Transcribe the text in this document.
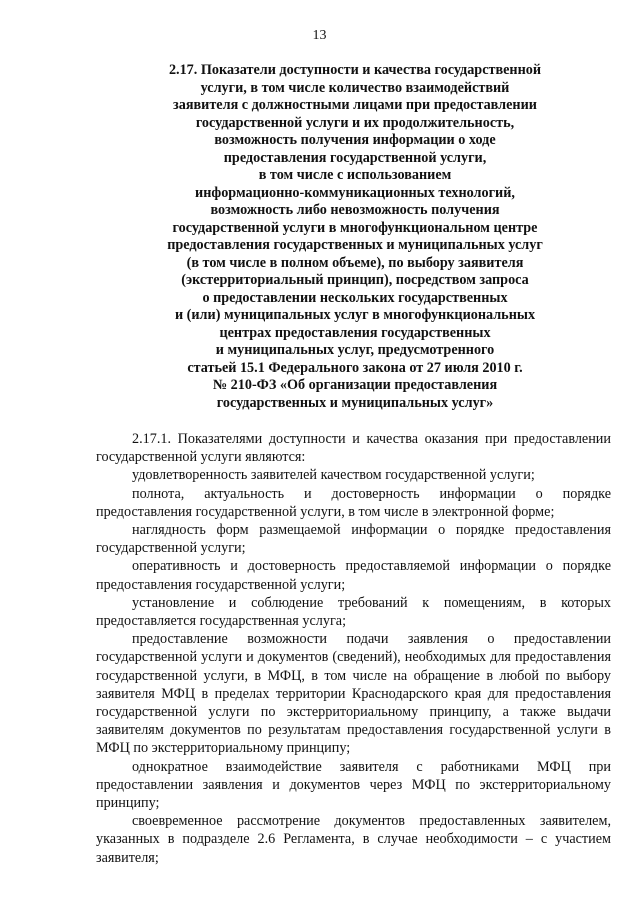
13
2.17. Показатели доступности и качества государственной
услуги, в том числе количество взаимодействий
заявителя с должностными лицами при предоставлении
государственной услуги и их продолжительность,
возможность получения информации о ходе
предоставления государственной услуги,
в том числе с использованием
информационно-коммуникационных технологий,
возможность либо невозможность получения
государственной услуги в многофункциональном центре
предоставления государственных и муниципальных услуг
(в том числе в полном объеме), по выбору заявителя
(экстерриториальный принцип), посредством запроса
о предоставлении нескольких государственных
и (или) муниципальных услуг в многофункциональных
центрах предоставления государственных
и муниципальных услуг, предусмотренного
статьей 15.1 Федерального закона от 27 июля 2010 г.
№ 210-ФЗ «Об организации предоставления
государственных и муниципальных услуг»

2.17.1. Показателями доступности и качества оказания при предоставлении государственной услуги являются:

удовлетворенность заявителей качеством государственной услуги;

полнота, актуальность и достоверность информации о порядке предоставления государственной услуги, в том числе в электронной форме;

наглядность форм размещаемой информации о порядке предоставления государственной услуги;

оперативность и достоверность предоставляемой информации о порядке предоставления государственной услуги;

установление и соблюдение требований к помещениям, в которых предоставляется государственная услуга;

предоставление возможности подачи заявления о предоставлении государственной услуги и документов (сведений), необходимых для предоставления государственной услуги, в МФЦ, в том числе на обращение в любой по выбору заявителя МФЦ в пределах территории Краснодарского края для предоставления государственной услуги по экстерриториальному принципу, а также выдачи заявителям документов по результатам предоставления государственной услуги в МФЦ по экстерриториальному принципу;

однократное взаимодействие заявителя с работниками МФЦ при предоставлении заявления и документов через МФЦ по экстерриториальному принципу;

своевременное рассмотрение документов предоставленных заявителем, указанных в подразделе 2.6 Регламента, в случае необходимости – с участием заявителя;
